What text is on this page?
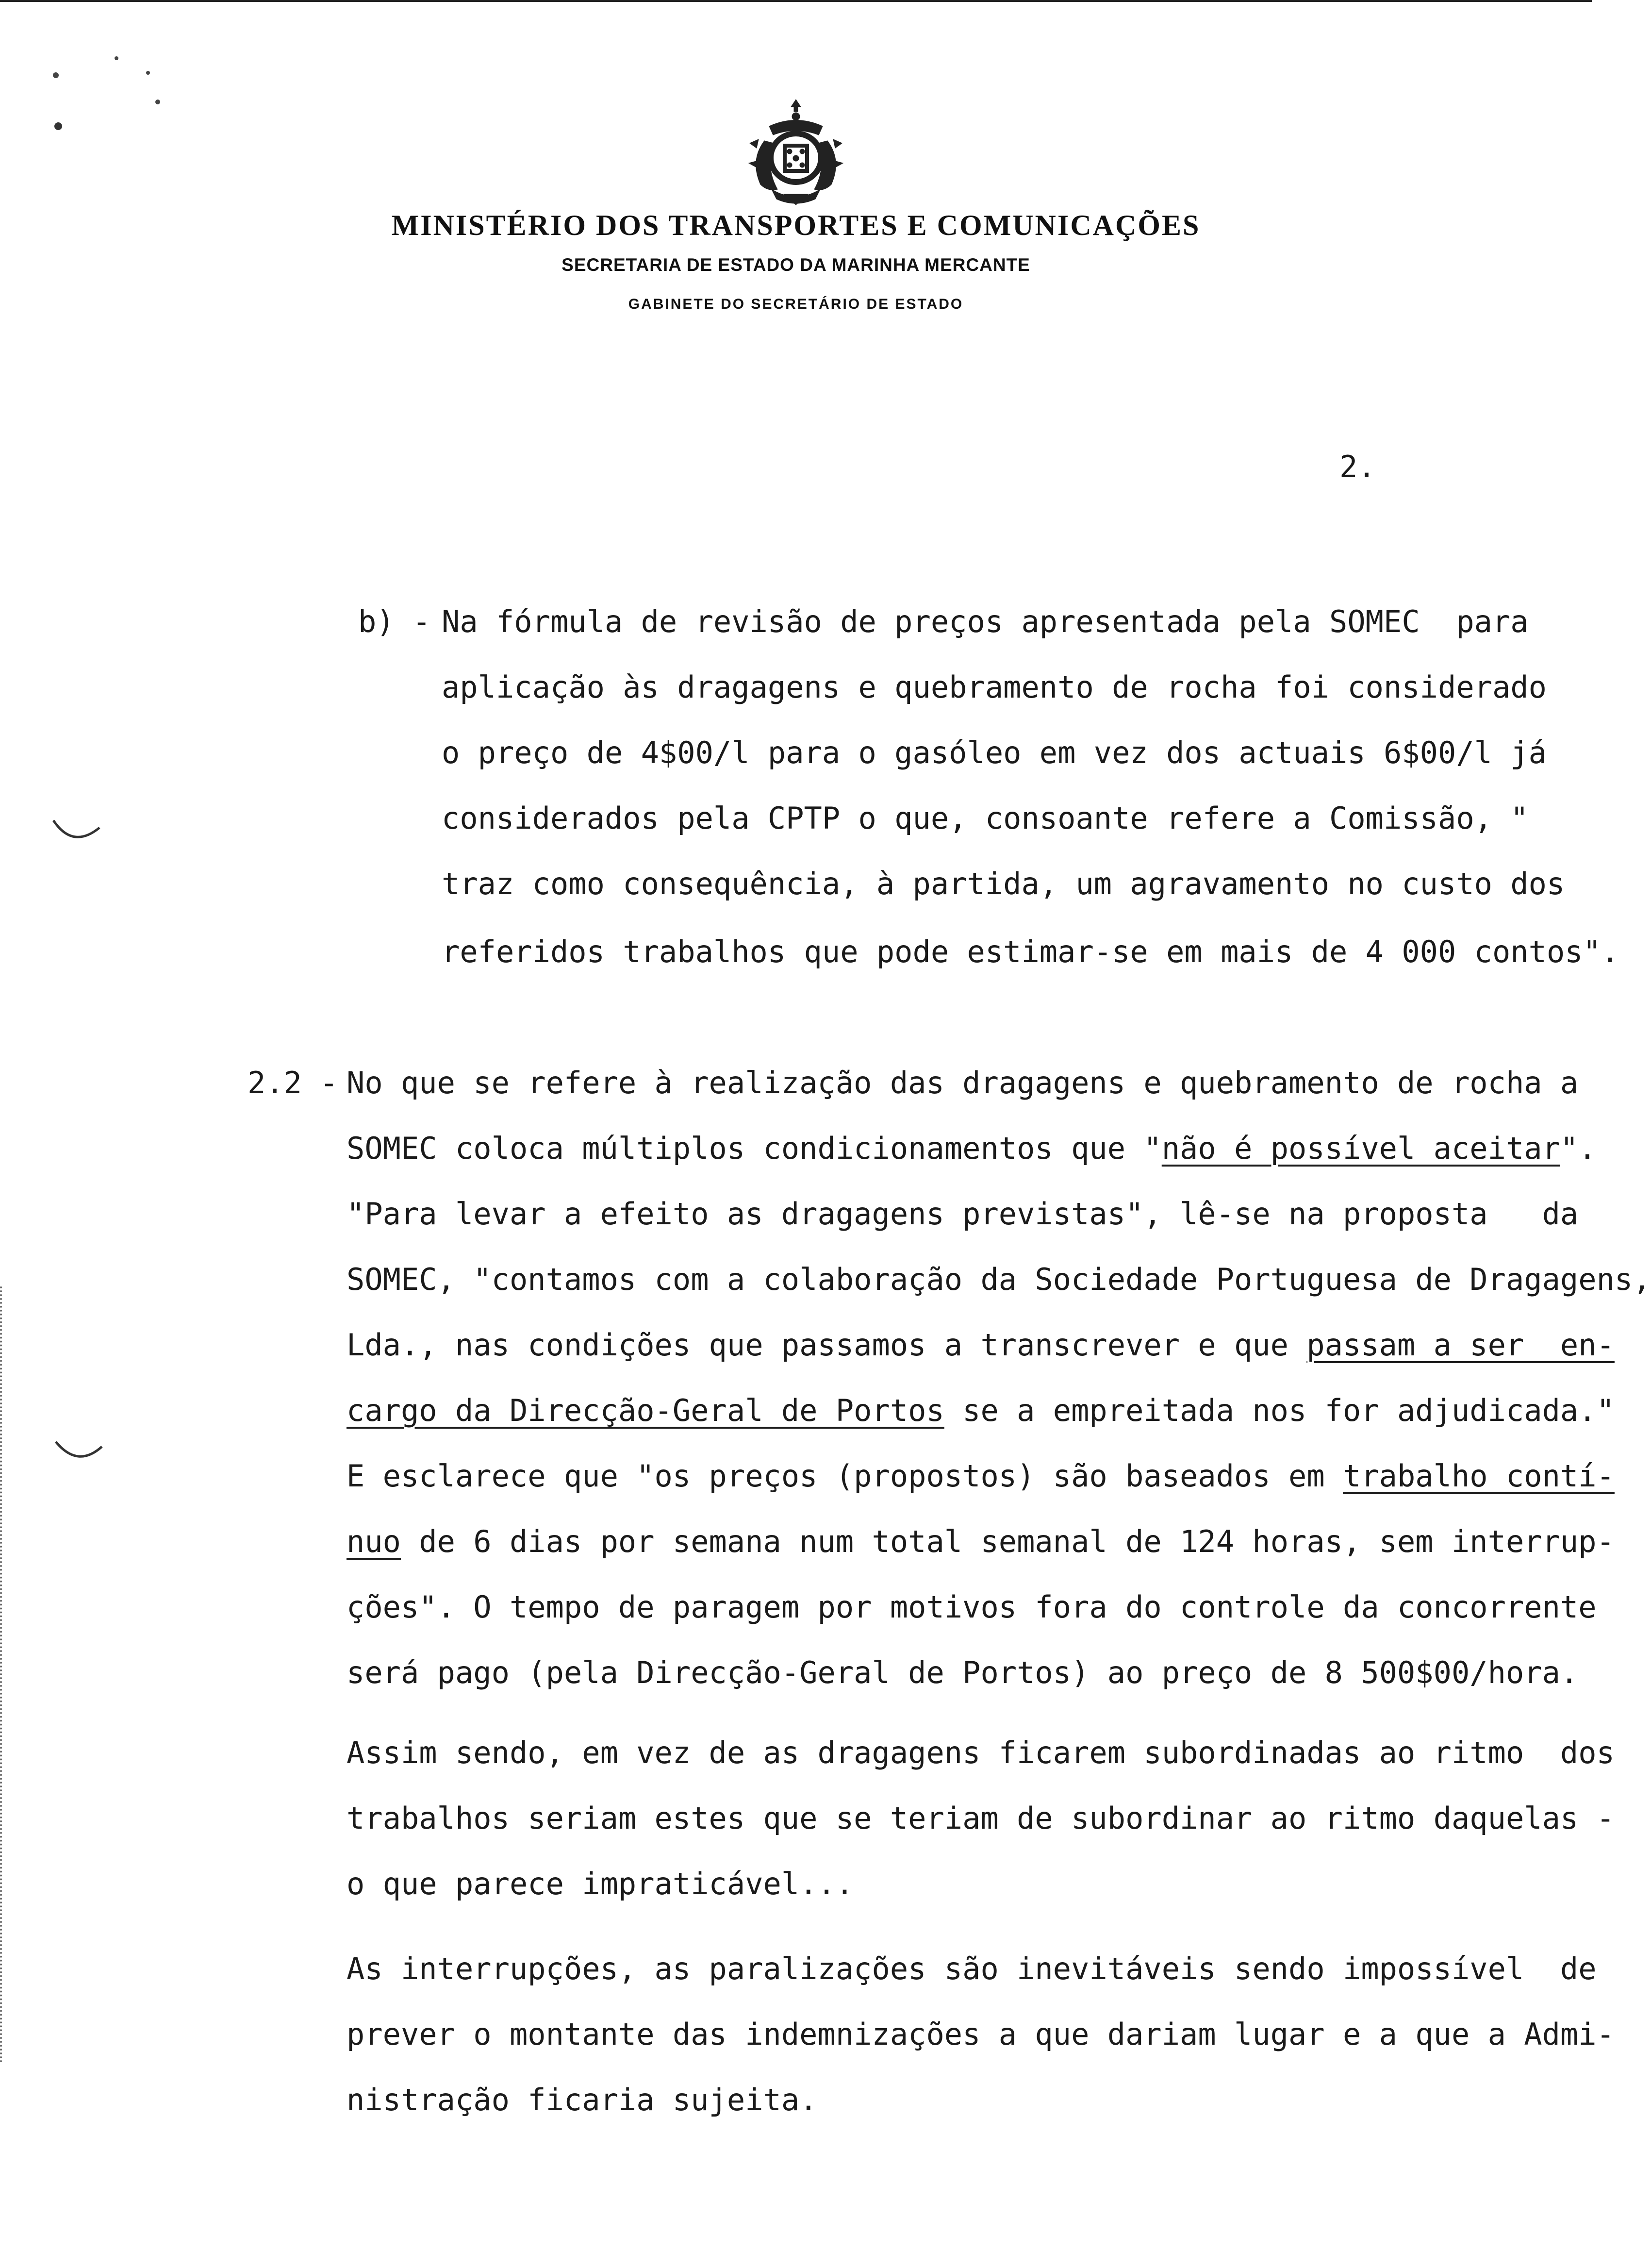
MINISTÉRIO DOS TRANSPORTES E COMUNICAÇÕES
SECRETARIA DE ESTADO DA MARINHA MERCANTE
GABINETE DO SECRETÁRIO DE ESTADO
2.
b) - Na fórmula de revisão de preços apresentada pela SOMEC  para
aplicação às dragagens e quebramento de rocha foi considerado
o preço de 4$00/l para o gasóleo em vez dos actuais 6$00/l já
considerados pela CPTP o que, consoante refere a Comissão, "
traz como consequência, à partida, um agravamento no custo dos
referidos trabalhos que pode estimar-se em mais de 4 000 contos".
2.2 - No que se refere à realização das dragagens e quebramento de rocha a
SOMEC coloca múltiplos condicionamentos que "não é possível aceitar".
"Para levar a efeito as dragagens previstas", lê-se na proposta   da
SOMEC, "contamos com a colaboração da Sociedade Portuguesa de Dragagens,
Lda., nas condições que passamos a transcrever e que passam a ser  en-
cargo da Direcção-Geral de Portos se a empreitada nos for adjudicada."
E esclarece que "os preços (propostos) são baseados em trabalho contí-
nuo de 6 dias por semana num total semanal de 124 horas, sem interrup-
ções". O tempo de paragem por motivos fora do controle da concorrente
será pago (pela Direcção-Geral de Portos) ao preço de 8 500$00/hora.
Assim sendo, em vez de as dragagens ficarem subordinadas ao ritmo  dos
trabalhos seriam estes que se teriam de subordinar ao ritmo daquelas -
o que parece impraticável...
As interrupções, as paralizações são inevitáveis sendo impossível  de
prever o montante das indemnizações a que dariam lugar e a que a Admi-
nistração ficaria sujeita.
